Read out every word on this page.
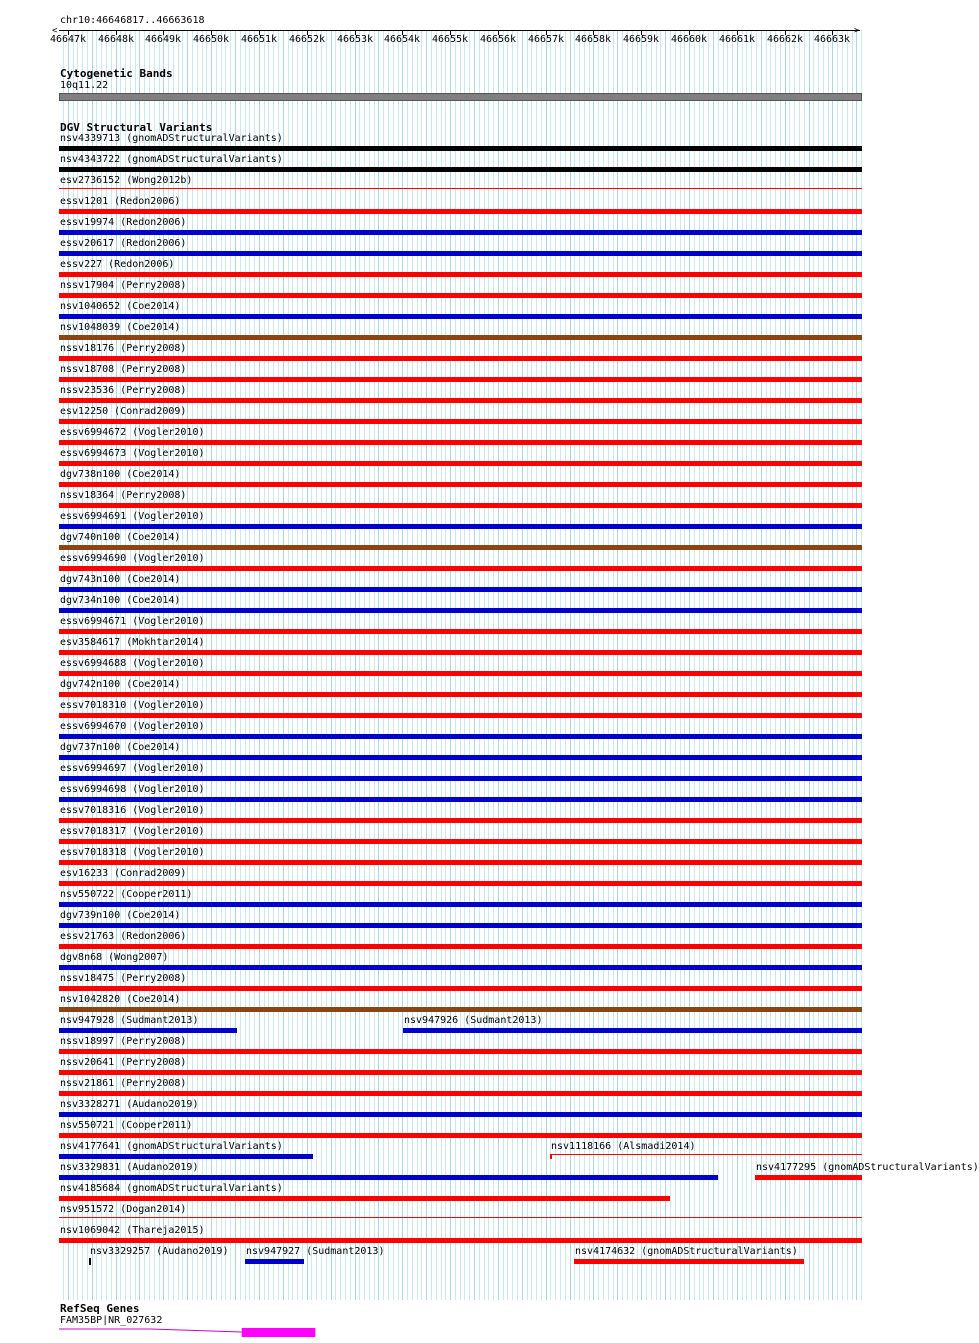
chr10:46646817..46663618
<	>
46647k 46648k 46649k 46650k 46651k 46652k 46653k 46654k 46655k 46656k 46657k 46658k 46659k 46660k 46661k 46662k 46663k
Cytogenetic Bands
10q11.22
DGV Structural Variants
nsv4339713 (gnomADStructuralVariants)
nsv4343722 (gnomADStructuralVariants)
esv2736152 (Wong2012b)
essv1201 (Redon2006)
essv19974 (Redon2006)
essv20617 (Redon2006)
essv227 (Redon2006)
nssv17904 (Perry2008)
nsv1040652 (Coe2014)
nsv1048039 (Coe2014)
nssv18176 (Perry2008)
nssv18708 (Perry2008)
nssv23536 (Perry2008)
esv12250 (Conrad2009)
essv6994672 (Vogler2010)
essv6994673 (Vogler2010)
dgv738n100 (Coe2014)
nssv18364 (Perry2008)
essv6994691 (Vogler2010)
dgv740n100 (Coe2014)
essv6994690 (Vogler2010)
dgv743n100 (Coe2014)
dgv734n100 (Coe2014)
essv6994671 (Vogler2010)
esv3584617 (Mokhtar2014)
essv6994688 (Vogler2010)
dgv742n100 (Coe2014)
essv7018310 (Vogler2010)
essv6994670 (Vogler2010)
dgv737n100 (Coe2014)
essv6994697 (Vogler2010)
essv6994698 (Vogler2010)
essv7018316 (Vogler2010)
essv7018317 (Vogler2010)
essv7018318 (Vogler2010)
esv16233 (Conrad2009)
nsv550722 (Cooper2011)
dgv739n100 (Coe2014)
essv21763 (Redon2006)
dgv8n68 (Wong2007)
nssv18475 (Perry2008)
nsv1042820 (Coe2014)
nsv947928 (Sudmant2013)	nsv947926 (Sudmant2013)
nssv18997 (Perry2008)
nssv20641 (Perry2008)
nssv21861 (Perry2008)
nsv3328271 (Audano2019)
nsv550721 (Cooper2011)
nsv4177641 (gnomADStructuralVariants)	nsv1118166 (Alsmadi2014)
nsv3329831 (Audano2019)	nsv4177295 (gnomADStructuralVariants)
nsv4185684 (gnomADStructuralVariants)
nsv951572 (Dogan2014)
nsv1069042 (Thareja2015)
nsv3329257 (Audano2019) nsv947927 (Sudmant2013)	nsv4174632 (gnomADStructuralVariants)
RefSeq Genes
FAM35BP|NR_027632
